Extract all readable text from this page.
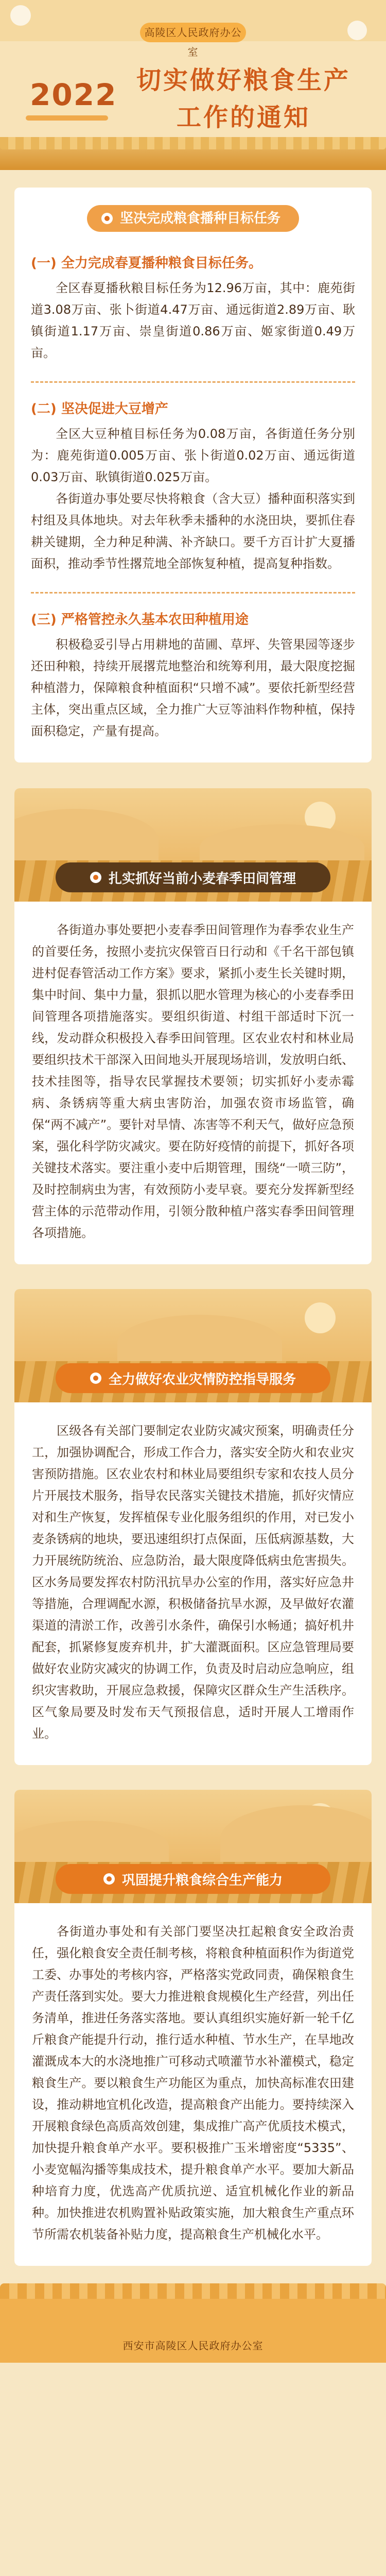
高陵区人民政府办公室
2022 切实做好粮食生产
工作的通知
坚决完成粮食播种目标任务
(一) 全力完成春夏播种粮食目标任务。

全区春夏播秋粮目标任务为12.96万亩，其中：鹿苑街道3.08万亩、张卜街道4.47万亩、通远街道2.89万亩、耿镇街道1.17万亩、崇皇街道0.86万亩、姬家街道0.49万亩。

(二) 坚决促进大豆增产

全区大豆种植目标任务为0.08万亩，各街道任务分别为：鹿苑街道0.005万亩、张卜街道0.02万亩、通远街道0.03万亩、耿镇街道0.025万亩。

各街道办事处要尽快将粮食（含大豆）播种面积落实到村组及具体地块。对去年秋季未播种的水浇田块，要抓住春耕关键期，全力种足种满、补齐缺口。要千方百计扩大夏播面积，推动季节性撂荒地全部恢复种植，提高复种指数。

(三) 严格管控永久基本农田种植用途

积极稳妥引导占用耕地的苗圃、草坪、失管果园等逐步还田种粮，持续开展撂荒地整治和统筹利用，最大限度挖掘种植潜力，保障粮食种植面积“只增不减”。要依托新型经营主体，突出重点区域，全力推广大豆等油料作物种植，保持面积稳定，产量有提高。

扎实抓好当前小麦春季田间管理

各街道办事处要把小麦春季田间管理作为春季农业生产的首要任务，按照小麦抗灾保管百日行动和《千名干部包镇进村促春管活动工作方案》要求，紧抓小麦生长关键时期，集中时间、集中力量，狠抓以肥水管理为核心的小麦春季田间管理各项措施落实。要组织街道、村组干部适时下沉一线，发动群众积极投入春季田间管理。区农业农村和林业局要组织技术干部深入田间地头开展现场培训，发放明白纸、技术挂图等，指导农民掌握技术要领；切实抓好小麦赤霉病、条锈病等重大病虫害防治，加强农资市场监管，确保“两不减产”。要针对旱情、冻害等不利天气，做好应急预案，强化科学防灾减灾。要在防好疫情的前提下，抓好各项关键技术落实。要注重小麦中后期管理，围绕“一喷三防”，及时控制病虫为害，有效预防小麦早衰。要充分发挥新型经营主体的示范带动作用，引领分散种植户落实春季田间管理各项措施。

全力做好农业灾情防控指导服务

区级各有关部门要制定农业防灾减灾预案，明确责任分工，加强协调配合，形成工作合力，落实安全防火和农业灾害预防措施。区农业农村和林业局要组织专家和农技人员分片开展技术服务，指导农民落实关键技术措施，抓好灾情应对和生产恢复，发挥植保专业化服务组织的作用，对已发小麦条锈病的地块，要迅速组织打点保面，压低病源基数，大力开展统防统治、应急防治，最大限度降低病虫危害损失。区水务局要发挥农村防汛抗旱办公室的作用，落实好应急井等措施，合理调配水源，积极储备抗旱水源，及早做好农灌渠道的清淤工作，改善引水条件，确保引水畅通；搞好机井配套，抓紧修复废弃机井，扩大灌溉面积。区应急管理局要做好农业防灾减灾的协调工作，负责及时启动应急响应，组织灾害救助，开展应急救援，保障灾区群众生产生活秩序。区气象局要及时发布天气预报信息，适时开展人工增雨作业。

巩固提升粮食综合生产能力

各街道办事处和有关部门要坚决扛起粮食安全政治责任，强化粮食安全责任制考核，将粮食种植面积作为街道党工委、办事处的考核内容，严格落实党政同责，确保粮食生产责任落到实处。要大力推进粮食规模化生产经营，列出任务清单，推进任务落实落地。要认真组织实施好新一轮千亿斤粮食产能提升行动，推行适水种植、节水生产，在旱地改灌溉成本大的水浇地推广可移动式喷灌节水补灌模式，稳定粮食生产。要以粮食生产功能区为重点，加快高标准农田建设，推动耕地宜机化改造，提高粮食产出能力。要持续深入开展粮食绿色高质高效创建，集成推广高产优质技术模式，加快提升粮食单产水平。要积极推广玉米增密度“5335”、小麦宽幅沟播等集成技术，提升粮食单产水平。要加大新品种培育力度，优选高产优质抗逆、适宜机械化作业的新品种。加快推进农机购置补贴政策实施，加大粮食生产重点环节所需农机装备补贴力度，提高粮食生产机械化水平。

西安市高陵区人民政府办公室
